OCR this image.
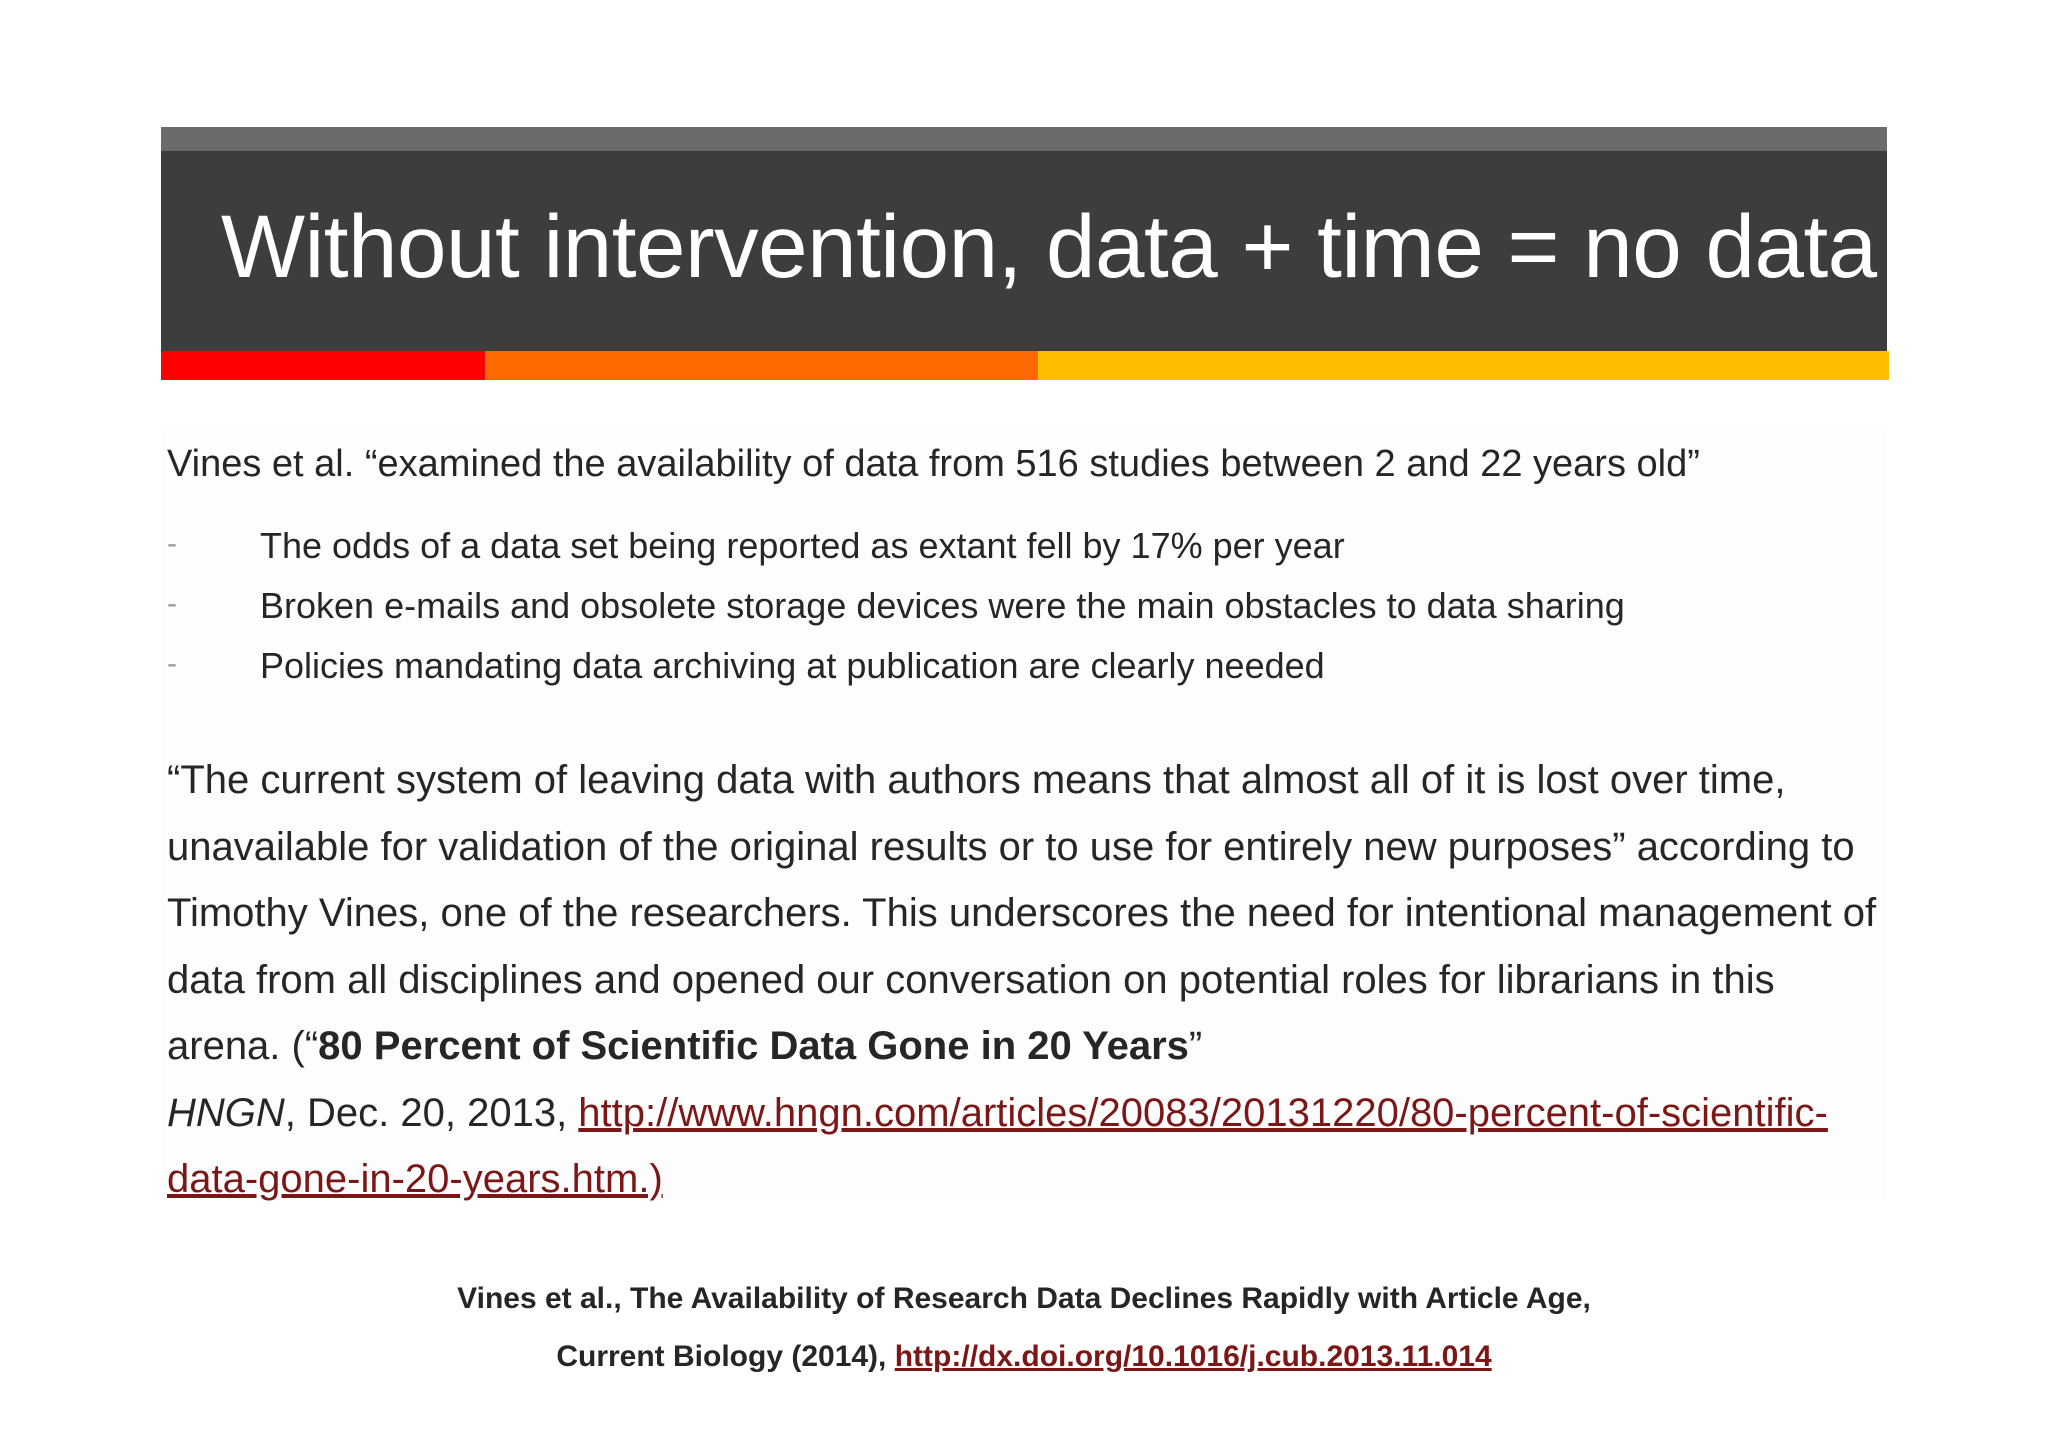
Without intervention, data + time = no data

Vines et al. “examined the availability of data from 516 studies between 2 and 22 years old”

- The odds of a data set being reported as extant fell by 17% per year
- Broken e-mails and obsolete storage devices were the main obstacles to data sharing
- Policies mandating data archiving at publication are clearly needed

“The current system of leaving data with authors means that almost all of it is lost over time, unavailable for validation of the original results or to use for entirely new purposes” according to Timothy Vines, one of the researchers. This underscores the need for intentional management of data from all disciplines and opened our conversation on potential roles for librarians in this arena. (“80 Percent of Scientific Data Gone in 20 Years”
HNGN, Dec. 20, 2013, http://www.hngn.com/articles/20083/20131220/80-percent-of-scientific-data-gone-in-20-years.htm.)

Vines et al., The Availability of Research Data Declines Rapidly with Article Age,
Current Biology (2014), http://dx.doi.org/10.1016/j.cub.2013.11.014
